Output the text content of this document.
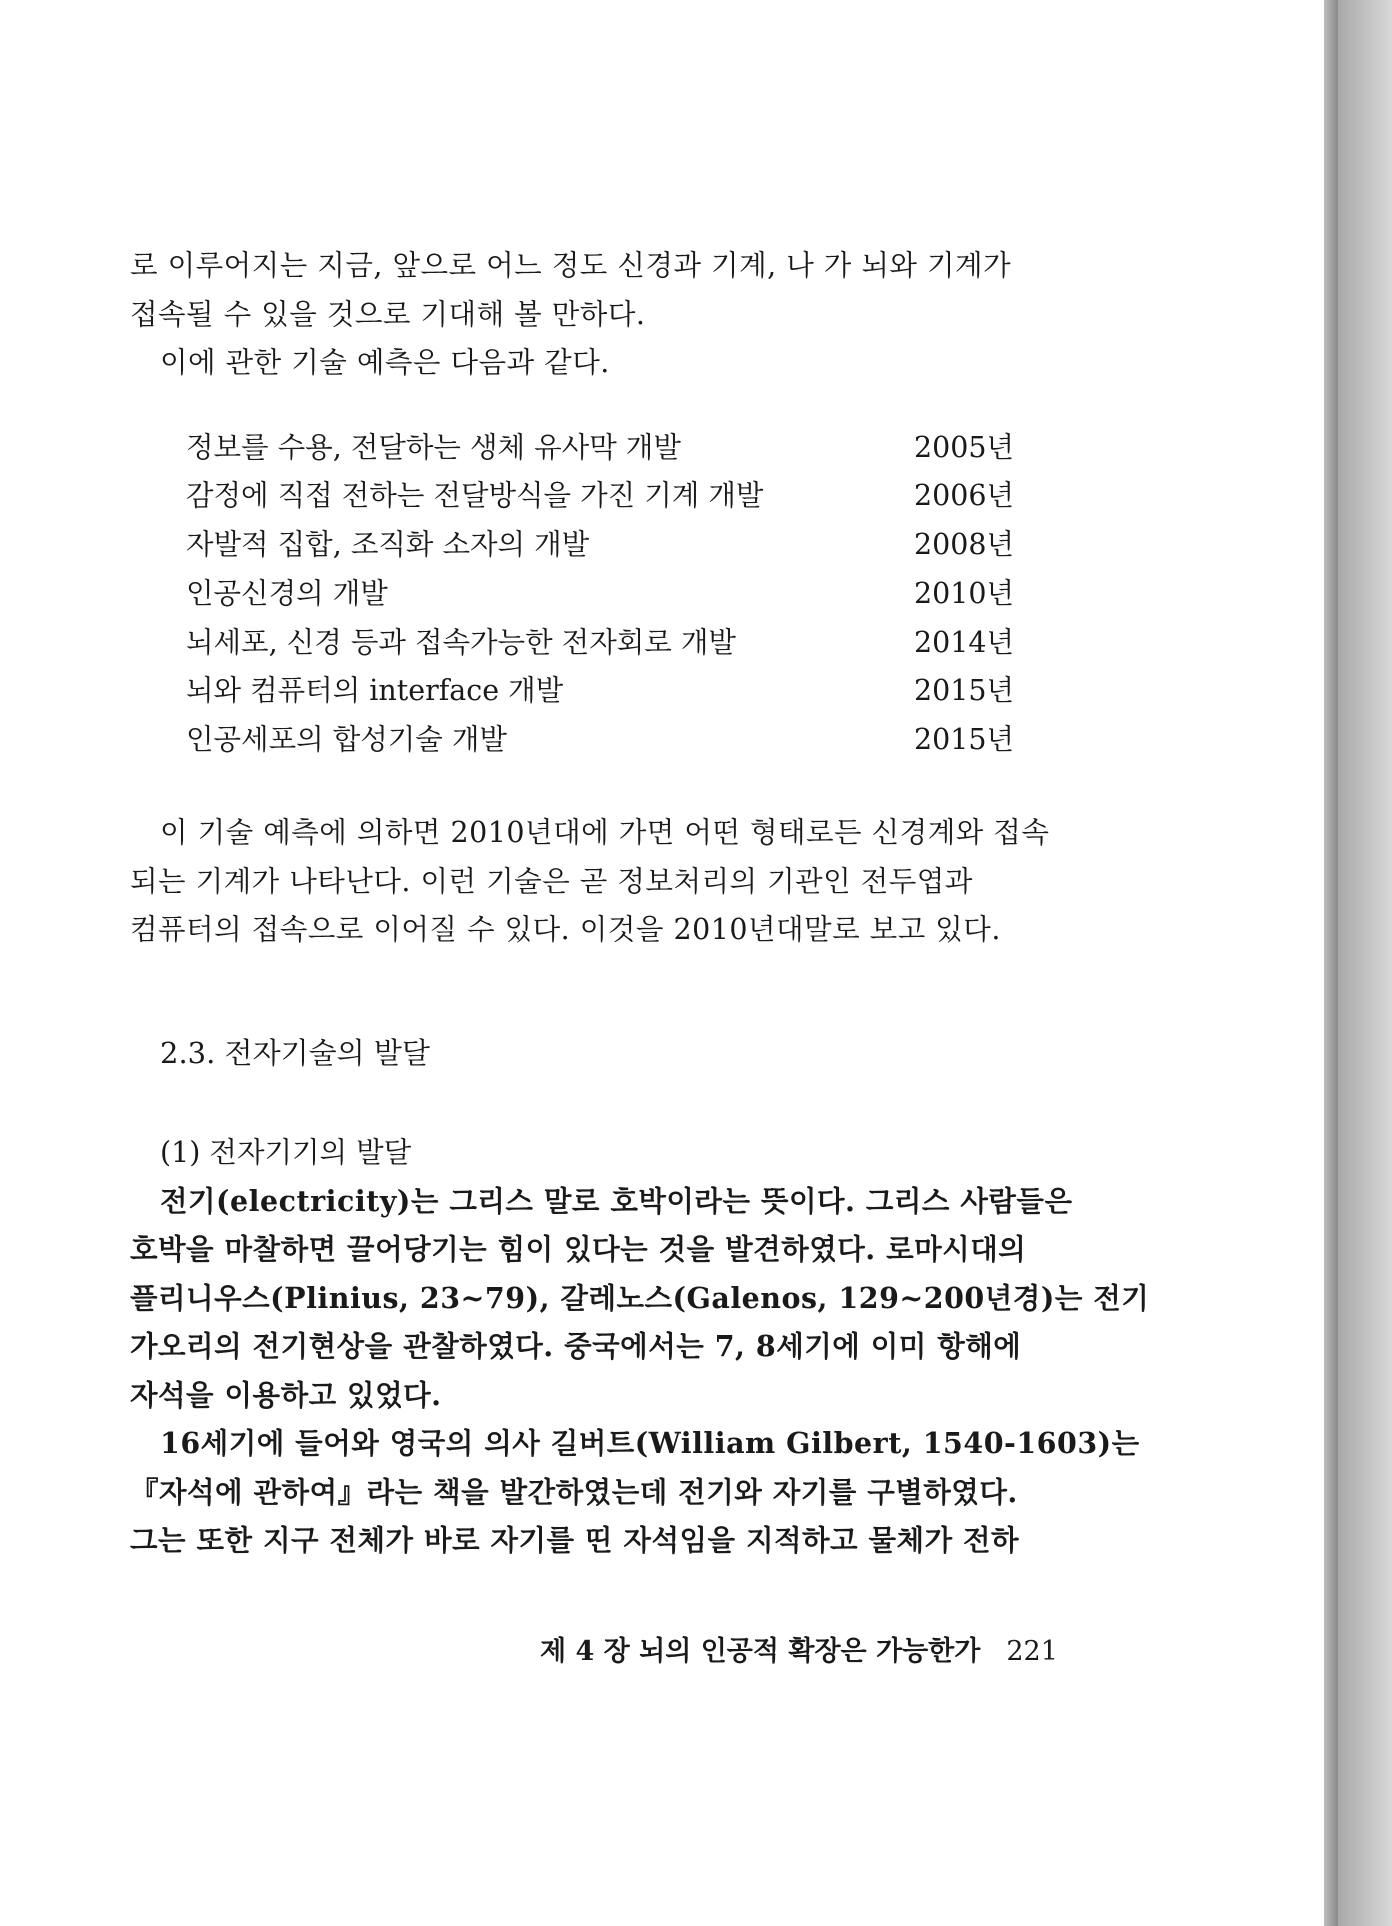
로 이루어지는 지금, 앞으로 어느 정도 신경과 기계, 나 가 뇌와 기계가

접속될 수 있을 것으로 기대해 볼 만하다.

이에 관한 기술 예측은 다음과 같다.

정보를 수용, 전달하는 생체 유사막 개발	2005년
감정에 직접 전하는 전달방식을 가진 기계 개발	2006년
자발적 집합, 조직화 소자의 개발	2008년
인공신경의 개발	2010년
뇌세포, 신경 등과 접속가능한 전자회로 개발	2014년
뇌와 컴퓨터의 interface 개발	2015년
인공세포의 합성기술 개발	2015년

이 기술 예측에 의하면 2010년대에 가면 어떤 형태로든 신경계와 접속

되는 기계가 나타난다. 이런 기술은 곧 정보처리의 기관인 전두엽과

컴퓨터의 접속으로 이어질 수 있다. 이것을 2010년대말로 보고 있다.

2.3. 전자기술의 발달

(1) 전자기기의 발달

전기(electricity)는 그리스 말로 호박이라는 뜻이다. 그리스 사람들은

호박을 마찰하면 끌어당기는 힘이 있다는 것을 발견하였다. 로마시대의

플리니우스(Plinius, 23~79), 갈레노스(Galenos, 129~200년경)는 전기

가오리의 전기현상을 관찰하였다. 중국에서는 7, 8세기에 이미 항해에

자석을 이용하고 있었다.

16세기에 들어와 영국의 의사 길버트(William Gilbert, 1540-1603)는

『자석에 관하여』라는 책을 발간하였는데 전기와 자기를 구별하였다.

그는 또한 지구 전체가 바로 자기를 띤 자석임을 지적하고 물체가 전하

제 4 장 뇌의 인공적 확장은 가능한가 221
